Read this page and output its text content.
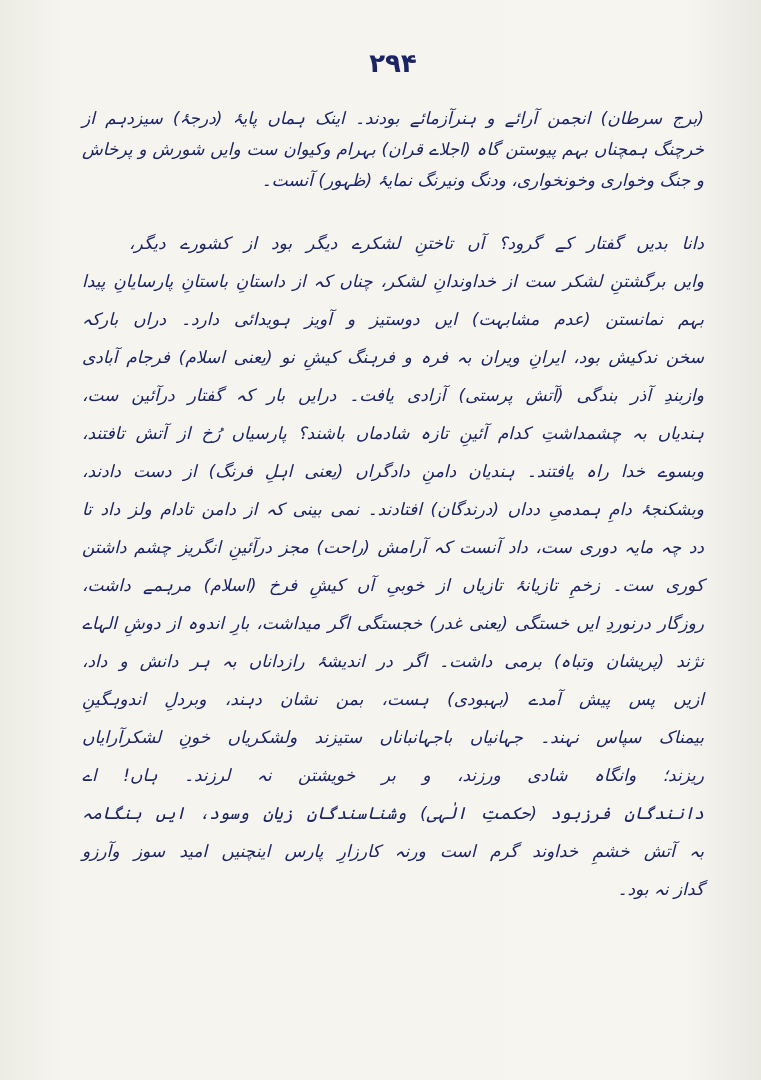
۲۹۴
(برج سرطان) انجمن آرائے و ہنرآزمائے بودند۔ اینک ہماں پایۂ (درجۂ) سیزدہم از
خرچنگ ہمچناں بہم پیوستن گاہ (اجلاے قران) بہرام وکیوان ست وایں شورش و پرخاش
و جنگ وخواری وخونخواری، ودنگ ونیرنگ نمایۂ (ظہور) آنست۔
دانا بدیں گفتار کے گرود؟ آں تاختنِ لشکرے دیگر بود از کشورے دیگر،
وایں برگشتنِ لشکر ست از خداوندانِ لشکر، چناں کہ از داستانِ باستانِ پارسایانِ پیدا
بہم نمانستن (عدم مشابہت) ایں دوستیز و آویز ہویدائی دارد۔ دراں بارکہ
سخن ندکیش بود، ایرانِ ویران بہ فرہ و فرہنگ کیشِ نو (یعنی اسلام) فرجام آبادی
وازبندِ آذر بندگی (آتش پرستی) آزادی یافت۔ درایں بار کہ گفتار درآئین ست،
ہندیاں بہ چشمداشتِ کدام آئینِ تازہ شادماں باشند؟ پارسیاں رُخ از آتش تافتند،
وبسوے خدا راہ یافتند۔ ہندیان دامنِ دادگراں (یعنی اہلِ فرنگ) از دست دادند،
وبشکنجۂ دامِ ہمدمیِ دداں (درندگان) افتادند۔ نمی بینی کہ از دامن تادام ولز داد تا
دد چہ مایہ دوری ست، داد آنست کہ آرامش (راحت) مجز درآئینِ انگریز چشم داشتن
کوری ست۔ زخمِ تازیانۂ تازیاں از خوبیِ آں کیشِ فرخ (اسلام) مرہمے داشت،
روزگار درنوردِ ایں خستگی (یعنی غدر) خجستگی اگر میداشت، بارِ اندوہ از دوشِ الہاے
نژند (پریشان وتباہ) برمی داشت۔ اگر در اندیشۂ رازداناں بہ ہر دانش و داد،
ازیں پس پیش آمدے (بہبودی) ہست، بمن نشان دہند، وبردلِ اندوہگینِ
بیمناک سپاس نہند۔ جہانیاں باجہانباناں ستیزند ولشکریاں خونِ لشکرآرایاں
ریزند؛ وانگاہ شادی ورزند، و بر خویشتن نہ لرزند۔ ہاں! اے
دانندگانِ فرزبود (حکمتِ الٰہی) وشناسندگانِ زیان وسود، ایں ہنگامہ
بہ آتش خشمِ خداوند گرم است ورنہ کارزارِ پارس اینچنیں امید سوز وآرزو
گداز نہ بود۔
